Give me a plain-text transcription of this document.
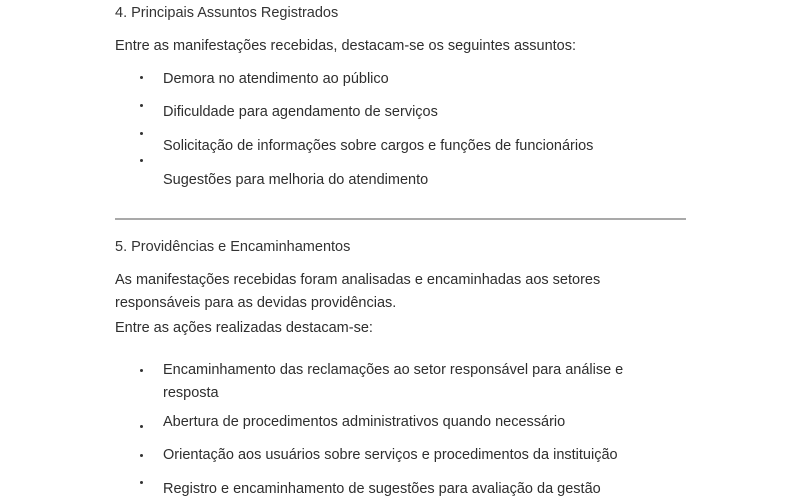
4. Principais Assuntos Registrados
Entre as manifestações recebidas, destacam-se os seguintes assuntos:
Demora no atendimento ao público
Dificuldade para agendamento de serviços
Solicitação de informações sobre cargos e funções de funcionários
Sugestões para melhoria do atendimento
5. Providências e Encaminhamentos
As manifestações recebidas foram analisadas e encaminhadas aos setores
responsáveis para as devidas providências.
Entre as ações realizadas destacam-se:
Encaminhamento das reclamações ao setor responsável para análise e
resposta
Abertura de procedimentos administrativos quando necessário
Orientação aos usuários sobre serviços e procedimentos da instituição
Registro e encaminhamento de sugestões para avaliação da gestão
